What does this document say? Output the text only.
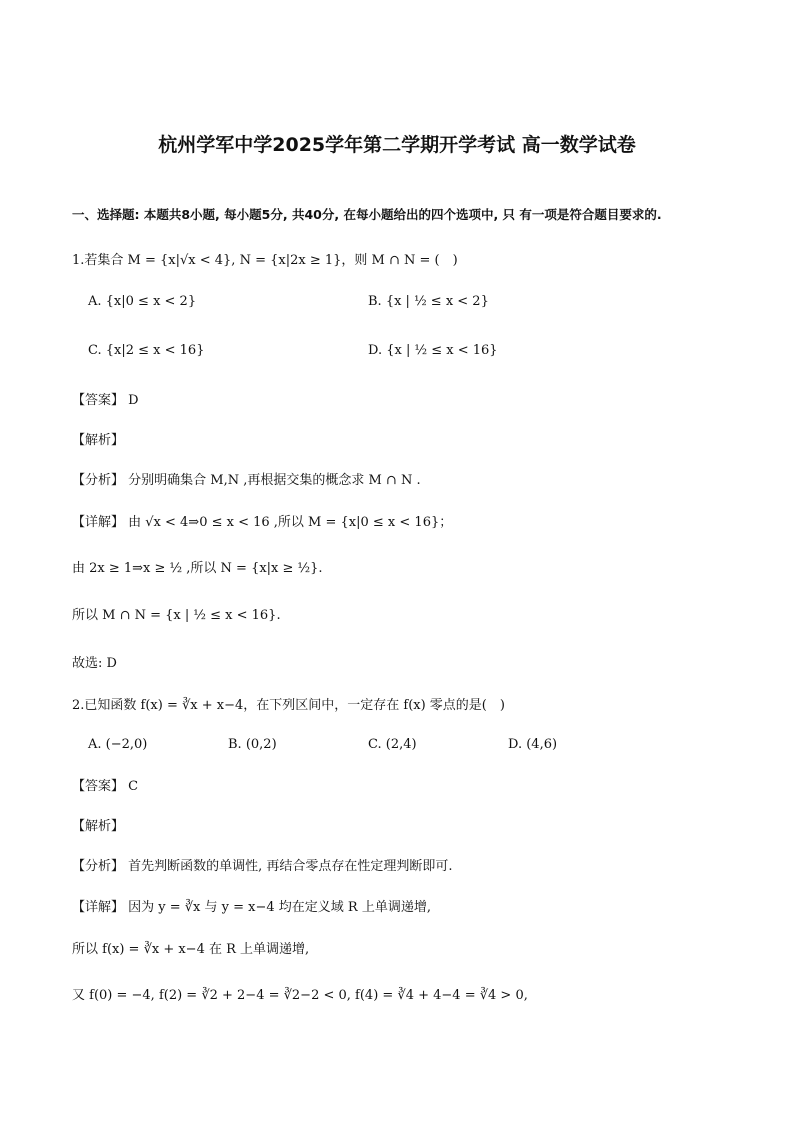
杭州学军中学2025学年第二学期开学考试 高一数学试卷
一、选择题: 本题共8小题, 每小题5分, 共40分, 在每小题给出的四个选项中, 只 有一项是符合题目要求的.
1.若集合 M = {x|√x < 4}, N = {x|2x ≥ 1}，则 M ∩ N = (　)
A. {x|0 ≤ x < 2}	B. {x | ½ ≤ x < 2}
C. {x|2 ≤ x < 16}	D. {x | ½ ≤ x < 16}
【答案】 D
【解析】
【分析】 分别明确集合 M,N ,再根据交集的概念求 M ∩ N .
【详解】 由 √x < 4⇒0 ≤ x < 16 ,所以 M = {x|0 ≤ x < 16}；
由 2x ≥ 1⇒x ≥ ½ ,所以 N = {x|x ≥ ½}.
所以 M ∩ N = {x | ½ ≤ x < 16}.
故选: D
2.已知函数 f(x) = ∛x + x−4，在下列区间中，一定存在 f(x) 零点的是(　)
A. (−2,0)	B. (0,2)	C. (2,4)	D. (4,6)
【答案】 C
【解析】
【分析】 首先判断函数的单调性, 再结合零点存在性定理判断即可.
【详解】 因为 y = ∛x 与 y = x−4 均在定义域 R 上单调递增,
所以 f(x) = ∛x + x−4 在 R 上单调递增,
又 f(0) = −4, f(2) = ∛2 + 2−4 = ∛2−2 < 0, f(4) = ∛4 + 4−4 = ∛4 > 0,
